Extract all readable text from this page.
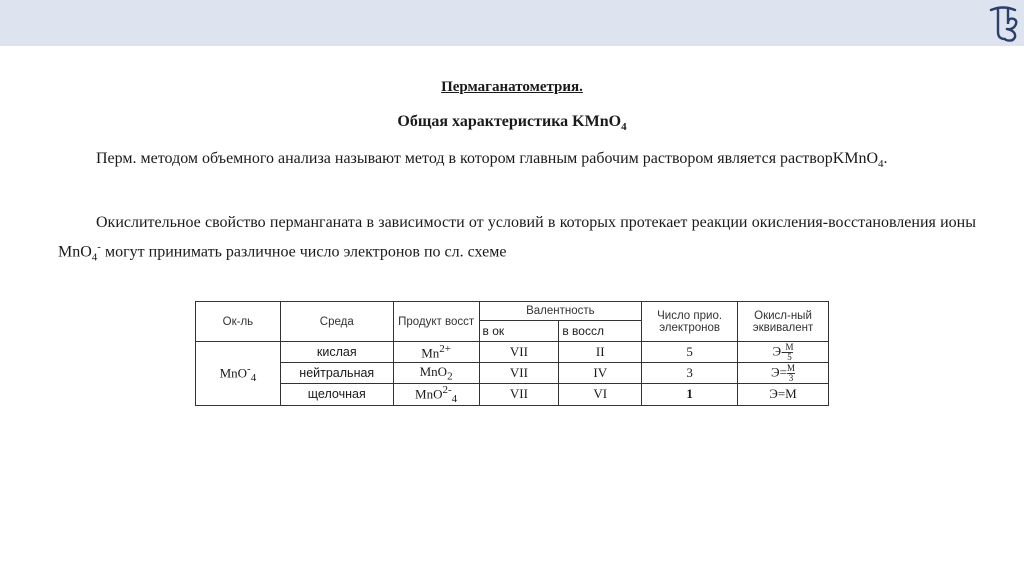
Пермаганатометрия.
Общая характеристика KMnO$_4$
Перм. методом объемного анализа называют метод в котором главным рабочим раствором является растворKMnO$_4$.
Окислительное свойство перманганата в зависимости от условий в которых протекает реакции окисления-восстановления ионы MnO$_4$- могут принимать различное число электронов по сл. схеме
Ок-ль	Среда	Продукт восст	Валентность		Число прио. электронов	Окисл-ный эквивалент
			в ок	в восcл		
MnO-$_4$	кислая	$Mn^{2+}$	VII	II	5	$Э- \frac{M}{5}$

	нейтральная	MnO$_2$	VII	IV	3	$Э= \frac{M}{3}$

	щелочная	MnO$^{2-}_4$	VII	VI	1	Э=М
